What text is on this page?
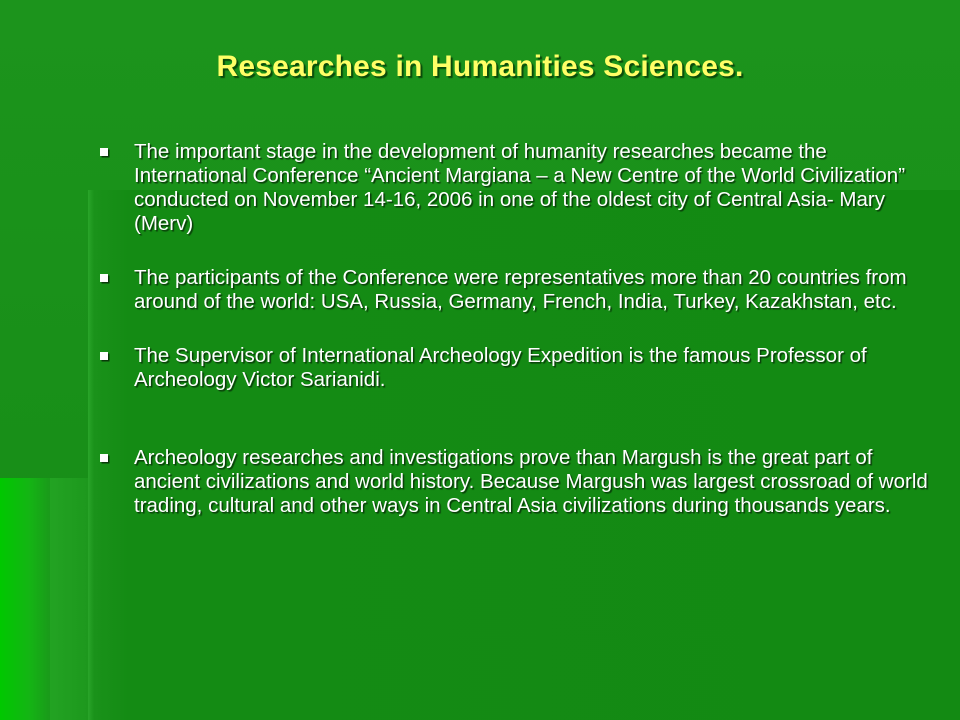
Researches in Humanities Sciences.
The important stage in the development of humanity researches became the International Conference “Ancient Margiana – a New Centre of the World Civilization” conducted on November 14-16, 2006 in one of the oldest city of Central Asia- Mary (Merv)
The participants of the Conference were representatives more than 20 countries from around of the world: USA, Russia, Germany, French, India, Turkey, Kazakhstan, etc.
The Supervisor of International Archeology Expedition is the famous Professor of Archeology Victor Sarianidi.
Archeology researches and investigations prove than Margush is the great part of ancient civilizations and world history. Because Margush was largest crossroad of world trading, cultural and other ways in Central Asia civilizations during thousands years.
